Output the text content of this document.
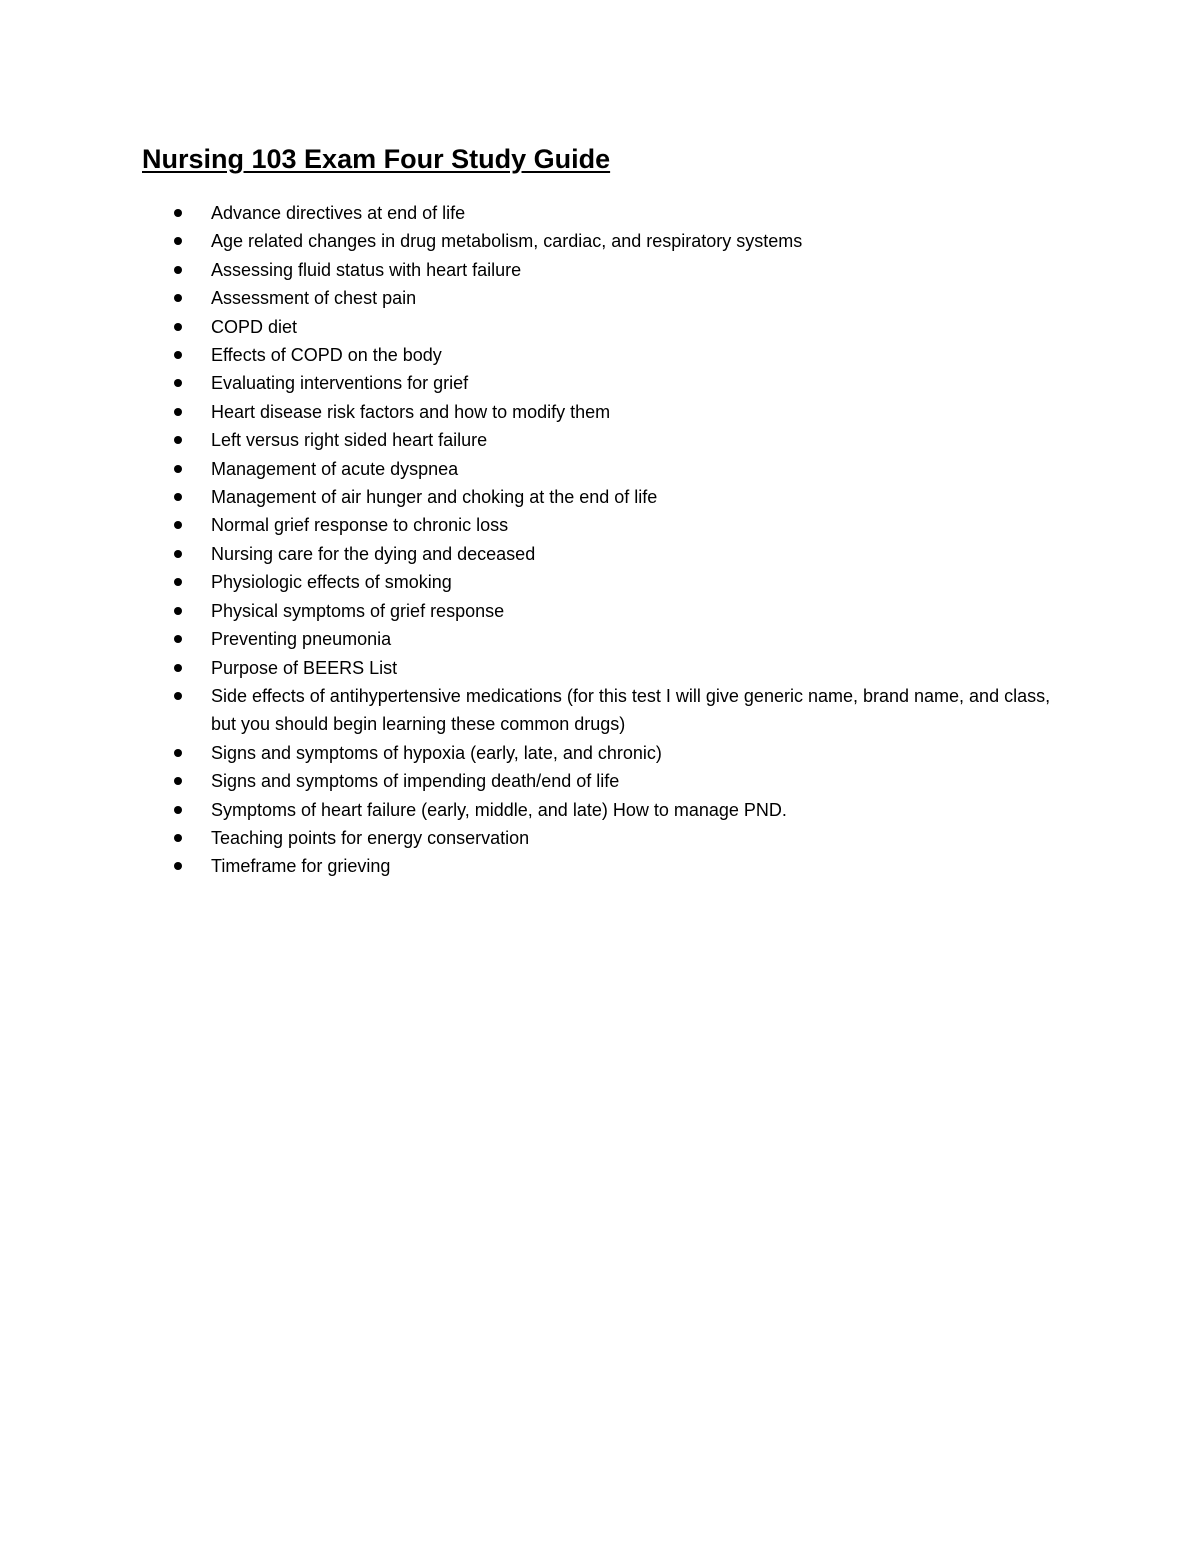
Nursing 103 Exam Four Study Guide
Advance directives at end of life
Age related changes in drug metabolism, cardiac, and respiratory systems
Assessing fluid status with heart failure
Assessment of chest pain
COPD diet
Effects of COPD on the body
Evaluating interventions for grief
Heart disease risk factors and how to modify them
Left versus right sided heart failure
Management of acute dyspnea
Management of air hunger and choking at the end of life
Normal grief response to chronic loss
Nursing care for the dying and deceased
Physiologic effects of smoking
Physical symptoms of grief response
Preventing pneumonia
Purpose of BEERS List
Side effects of antihypertensive medications (for this test I will give generic name, brand name, and class, but you should begin learning these common drugs)
Signs and symptoms of hypoxia (early, late, and chronic)
Signs and symptoms of impending death/end of life
Symptoms of heart failure (early, middle, and late) How to manage PND.
Teaching points for energy conservation
Timeframe for grieving
